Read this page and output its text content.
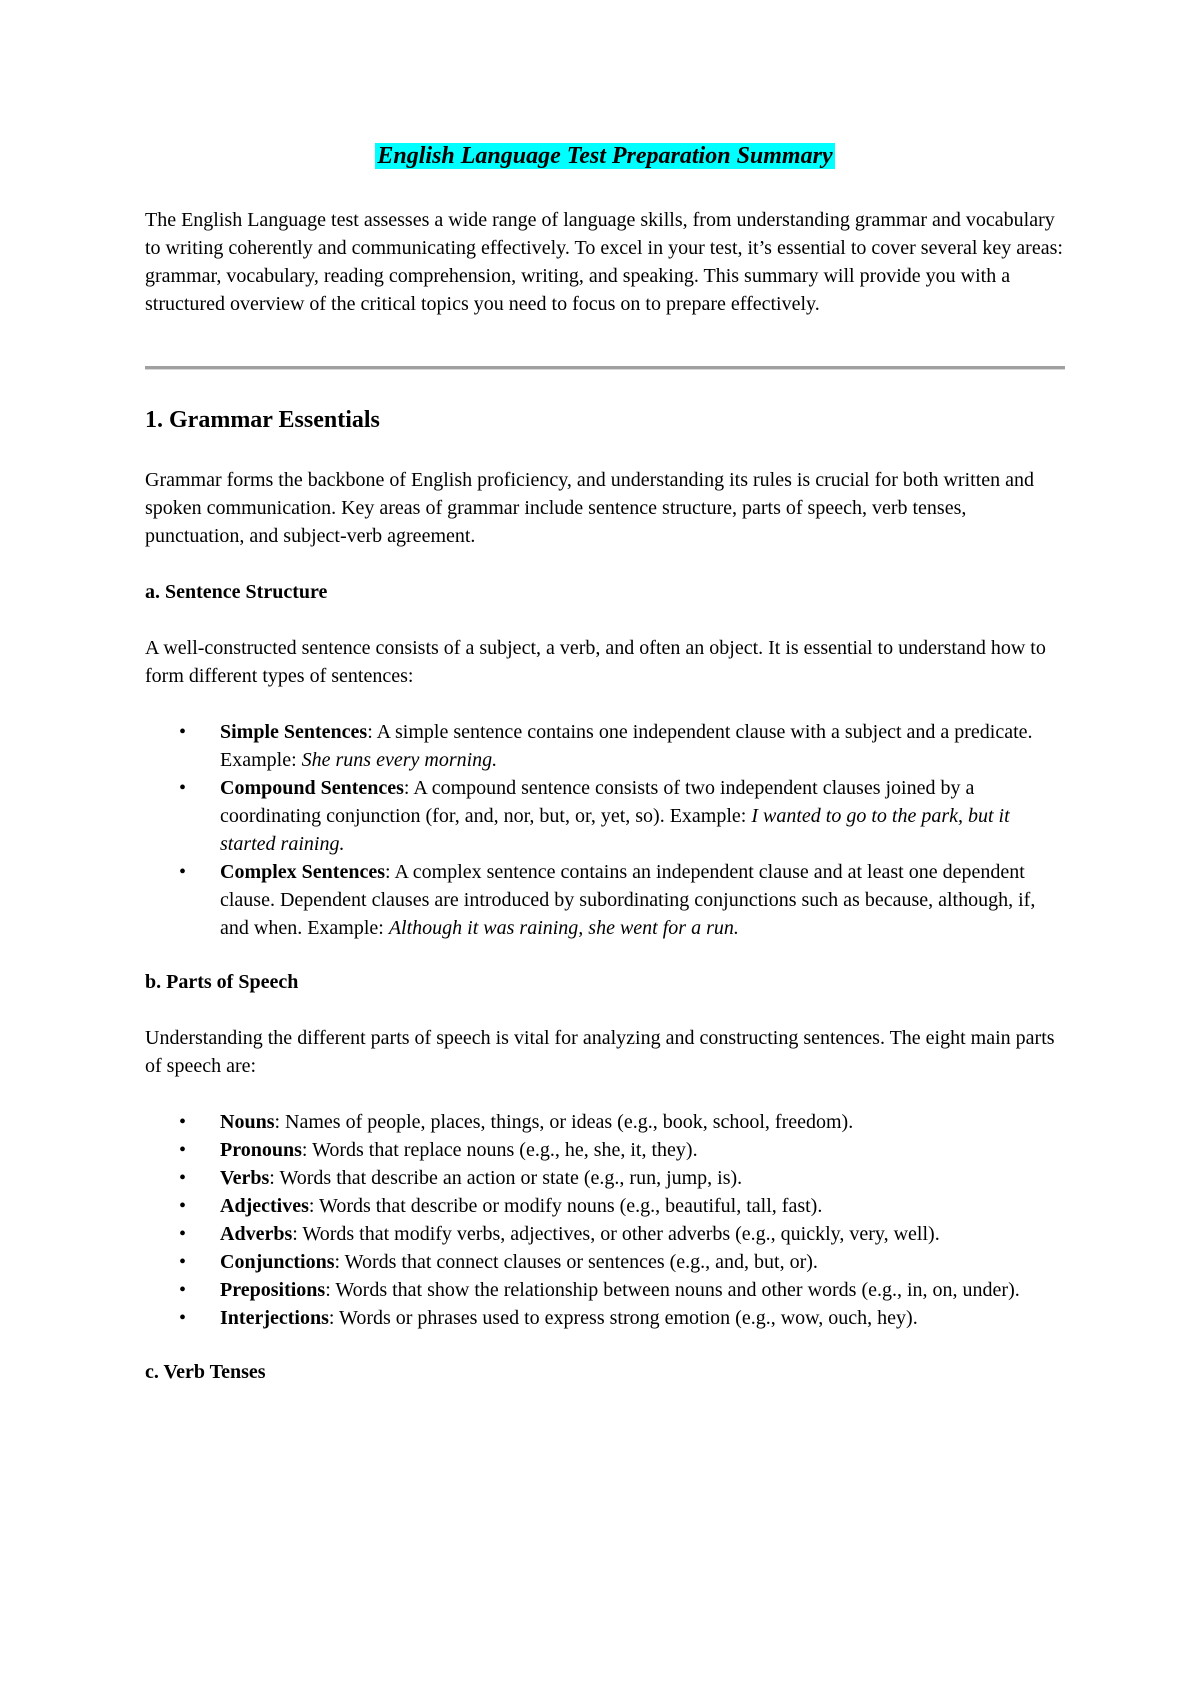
English Language Test Preparation Summary

The English Language test assesses a wide range of language skills, from understanding grammar and vocabulary to writing coherently and communicating effectively. To excel in your test, it’s essential to cover several key areas: grammar, vocabulary, reading comprehension, writing, and speaking. This summary will provide you with a structured overview of the critical topics you need to focus on to prepare effectively.

1. Grammar Essentials

Grammar forms the backbone of English proficiency, and understanding its rules is crucial for both written and spoken communication. Key areas of grammar include sentence structure, parts of speech, verb tenses, punctuation, and subject-verb agreement.

a. Sentence Structure

A well-constructed sentence consists of a subject, a verb, and often an object. It is essential to understand how to form different types of sentences:

• Simple Sentences: A simple sentence contains one independent clause with a subject and a predicate.
Example: She runs every morning.
• Compound Sentences: A compound sentence consists of two independent clauses joined by a coordinating conjunction (for, and, nor, but, or, yet, so). Example: I wanted to go to the park, but it started raining.
• Complex Sentences: A complex sentence contains an independent clause and at least one dependent clause. Dependent clauses are introduced by subordinating conjunctions such as because, although, if, and when. Example: Although it was raining, she went for a run.
b. Parts of Speech

Understanding the different parts of speech is vital for analyzing and constructing sentences. The eight main parts of speech are:

• Nouns: Names of people, places, things, or ideas (e.g., book, school, freedom).
• Pronouns: Words that replace nouns (e.g., he, she, it, they).
• Verbs: Words that describe an action or state (e.g., run, jump, is).
• Adjectives: Words that describe or modify nouns (e.g., beautiful, tall, fast).
• Adverbs: Words that modify verbs, adjectives, or other adverbs (e.g., quickly, very, well).
• Conjunctions: Words that connect clauses or sentences (e.g., and, but, or).
• Prepositions: Words that show the relationship between nouns and other words (e.g., in, on, under).
• Interjections: Words or phrases used to express strong emotion (e.g., wow, ouch, hey).
c. Verb Tenses
